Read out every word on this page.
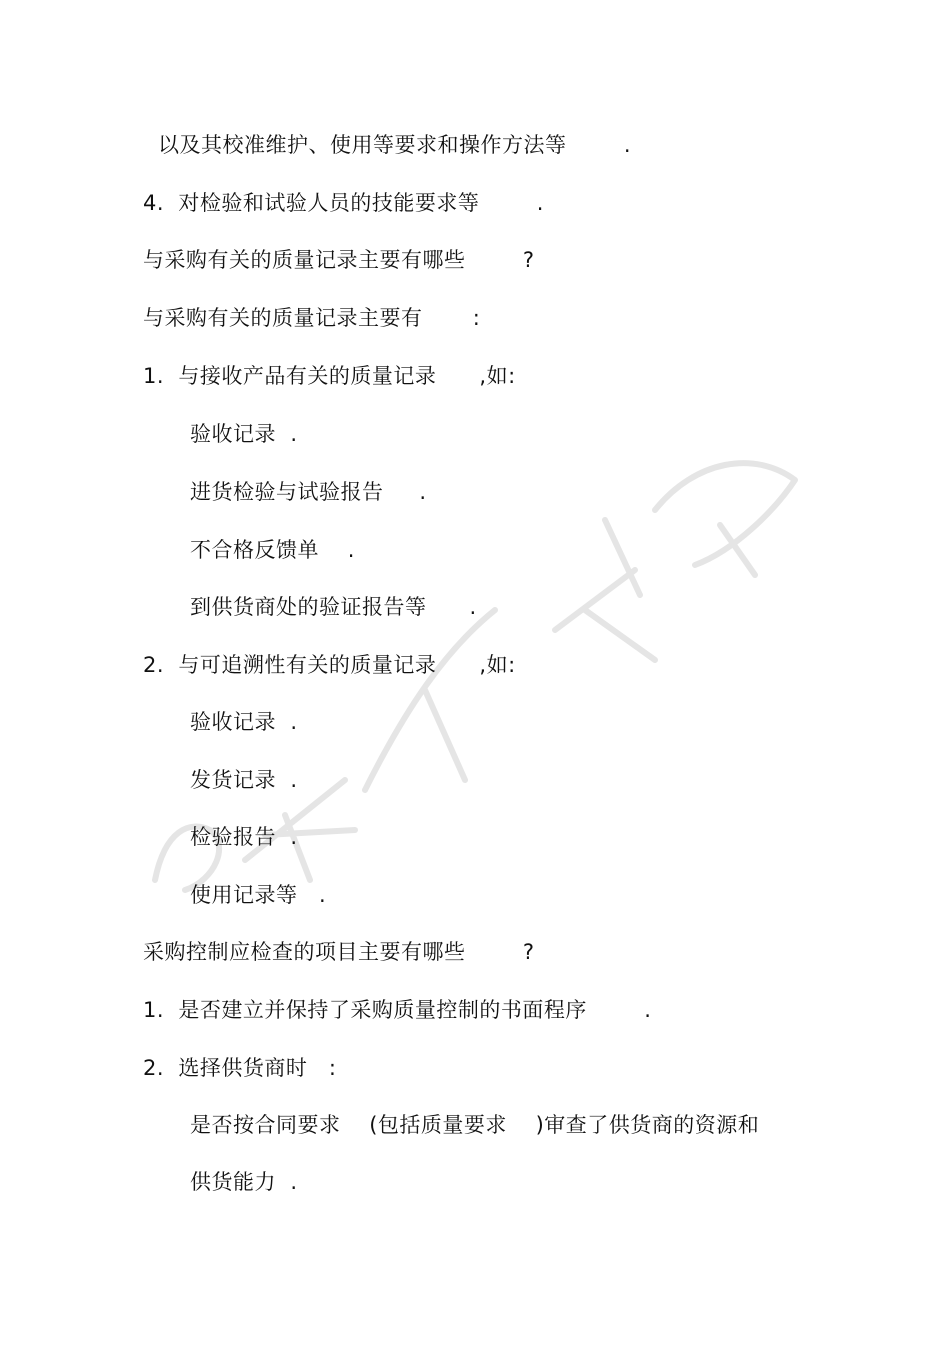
以及其校准维护、使用等要求和操作方法等        .
4.  对检验和试验人员的技能要求等        .
与采购有关的质量记录主要有哪些        ?
与采购有关的质量记录主要有       :
1.  与接收产品有关的质量记录      ,如:
验收记录  .
进货检验与试验报告     .
不合格反馈单    .
到供货商处的验证报告等      .
2.  与可追溯性有关的质量记录      ,如:
验收记录  .
发货记录  .
检验报告  .
使用记录等   .
采购控制应检查的项目主要有哪些        ?
1.  是否建立并保持了采购质量控制的书面程序        .
2.  选择供货商时   :
是否按合同要求    (包括质量要求    )审查了供货商的资源和
供货能力  .
